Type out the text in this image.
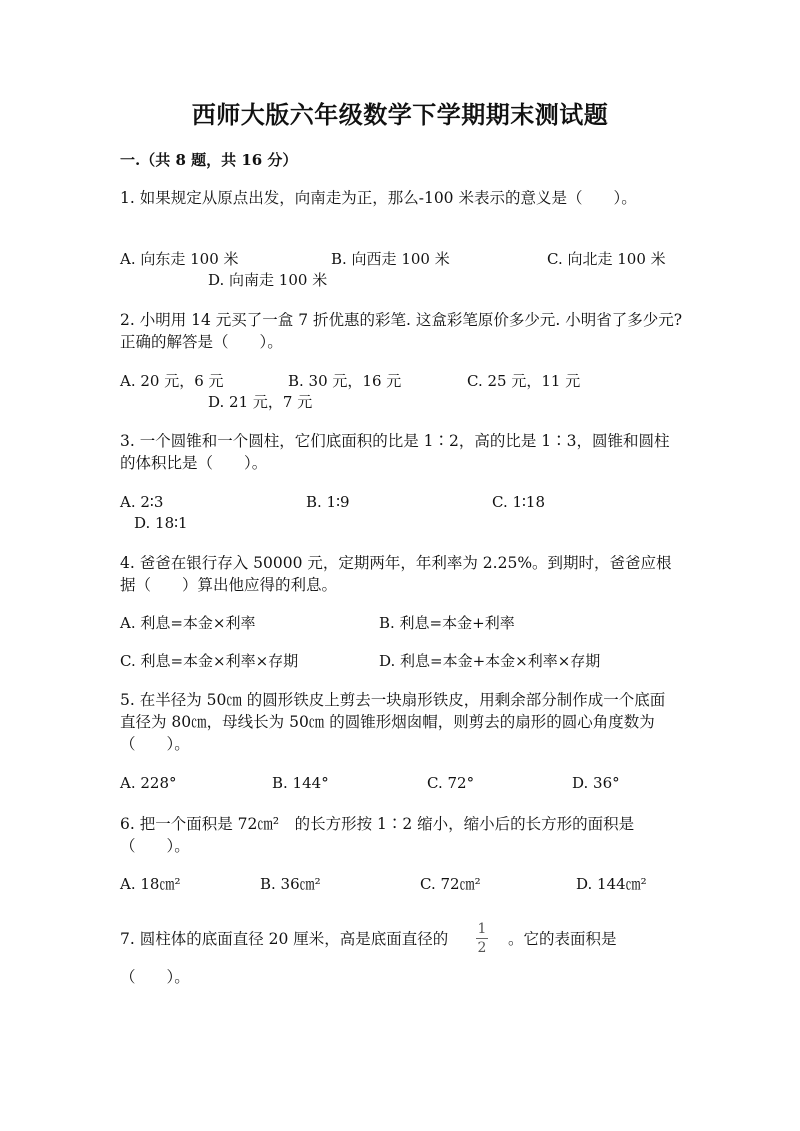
西师大版六年级数学下学期期末测试题
一.（共 8 题，共 16 分）
1. 如果规定从原点出发，向南走为正，那么-100 米表示的意义是（　　）。
A. 向东走 100 米	B. 向西走 100 米	C. 向北走 100 米
D. 向南走 100 米
2. 小明用 14 元买了一盒 7 折优惠的彩笔. 这盒彩笔原价多少元. 小明省了多少元?
正确的解答是（　　）。
A. 20 元，6 元	B. 30 元，16 元	C. 25 元，11 元
D. 21 元，7 元
3. 一个圆锥和一个圆柱，它们底面积的比是 1∶2，高的比是 1∶3，圆锥和圆柱
的体积比是（　　）。
A. 2∶3	B. 1∶9	C. 1∶18
D. 18∶1
4. 爸爸在银行存入 50000 元，定期两年，年利率为 2.25%。到期时，爸爸应根
据（　　）算出他应得的利息。
A. 利息=本金×利率	B. 利息=本金+利率
C. 利息=本金×利率×存期	D. 利息=本金+本金×利率×存期
5. 在半径为 50㎝ 的圆形铁皮上剪去一块扇形铁皮，用剩余部分制作成一个底面
直径为 80㎝，母线长为 50㎝ 的圆锥形烟囱帽，则剪去的扇形的圆心角度数为
（　　）。
A. 228°	B. 144°	C. 72°	D. 36°
6. 把一个面积是 72㎝²　的长方形按 1∶2 缩小，缩小后的长方形的面积是
（　　）。
A. 18㎝²	B. 36㎝²	C. 72㎝²	D. 144㎝²
7. 圆柱体的底面直径 20 厘米，高是底面直径的
1
2 。它的表面积是
（　　）。
